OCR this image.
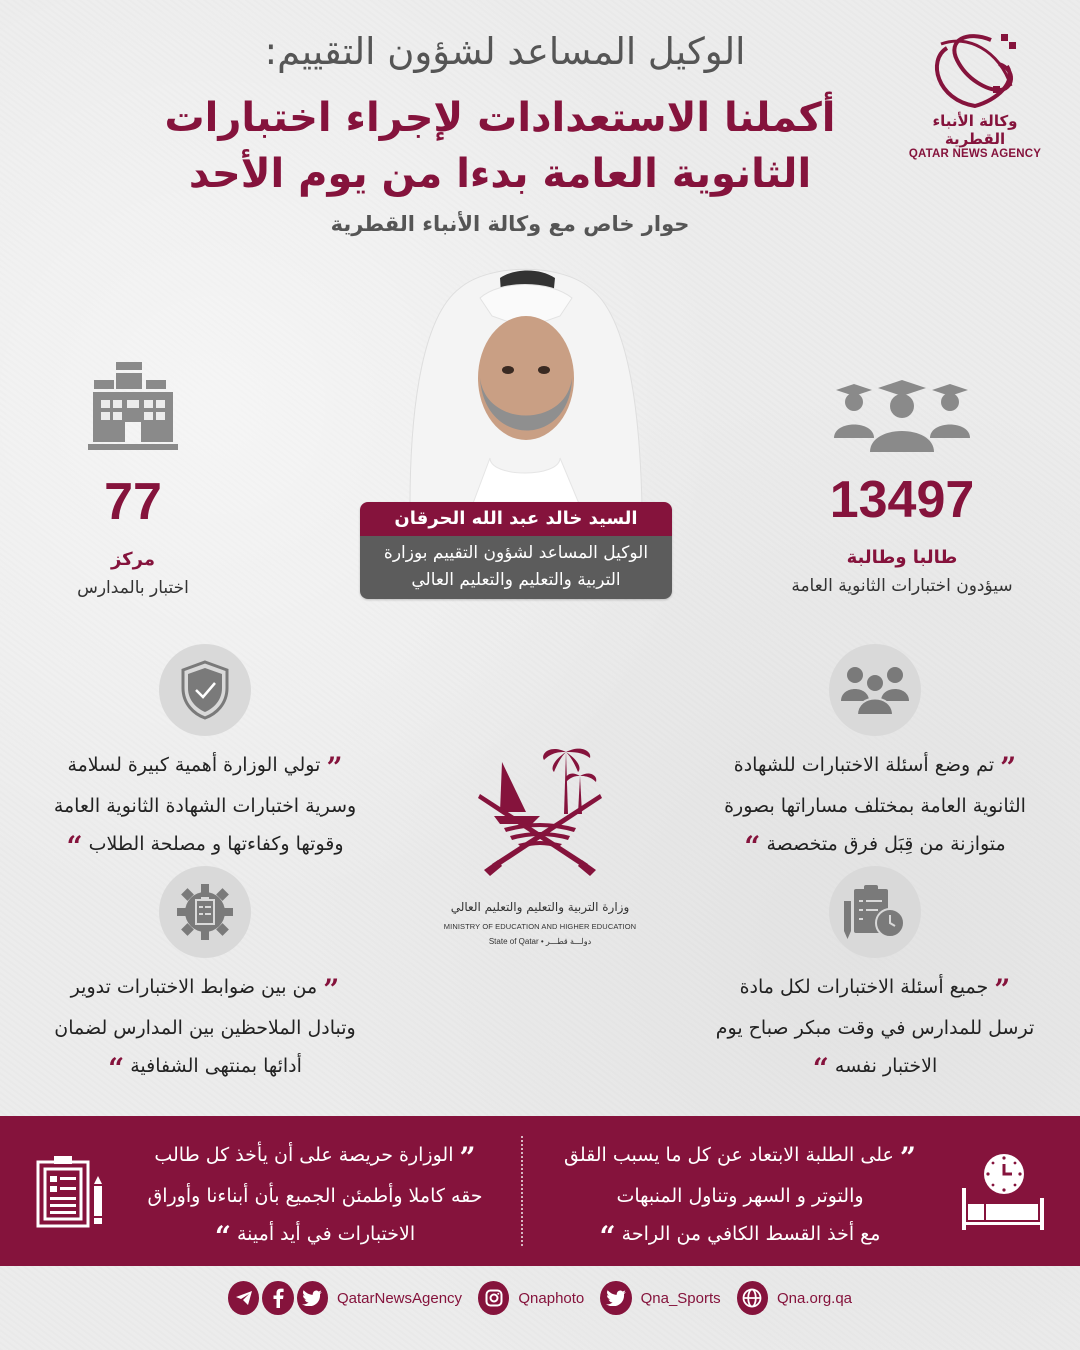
الوكيل المساعد لشؤون التقييم:
أكملنا الاستعدادات لإجراء اختبارات
الثانوية العامة بدءا من يوم الأحد
حوار خاص مع وكالة الأنباء القطرية
وكالة الأنباء القطرية
QATAR NEWS AGENCY
السيد خالد عبد الله الحرقان
الوكيل المساعد لشؤون التقييم بوزارة
التربية والتعليم والتعليم العالي
77
مركز
اختبار بالمدارس
13497
طالبا وطالبة
سيؤدون اختبارات الثانوية العامة
” تولي الوزارة أهمية كبيرة لسلامة
وسرية اختبارات الشهادة الثانوية العامة
وقوتها وكفاءتها و مصلحة الطلاب “
” تم وضع أسئلة الاختبارات للشهادة
الثانوية العامة بمختلف مساراتها بصورة
متوازنة من قِبَل فرق متخصصة “
” من بين ضوابط الاختبارات تدوير
وتبادل الملاحظين بين المدارس لضمان
أدائها بمنتهى الشفافية “
” جميع أسئلة الاختبارات لكل مادة
ترسل للمدارس في وقت مبكر صباح يوم
الاختبار نفسه “
وزارة التربية والتعليم والتعليم العالي
MINISTRY OF EDUCATION AND HIGHER EDUCATION
State of Qatar • دولـــة قطـــر
” الوزارة حريصة على أن يأخذ كل طالب
حقه كاملا وأطمئن الجميع بأن أبناءنا وأوراق
الاختبارات في أيد أمينة “
” على الطلبة الابتعاد عن كل ما يسبب القلق
والتوتر و السهر وتناول المنبهات
مع أخذ القسط الكافي من الراحة “
QatarNewsAgency	Qnaphoto	Qna_Sports	Qna.org.qa
